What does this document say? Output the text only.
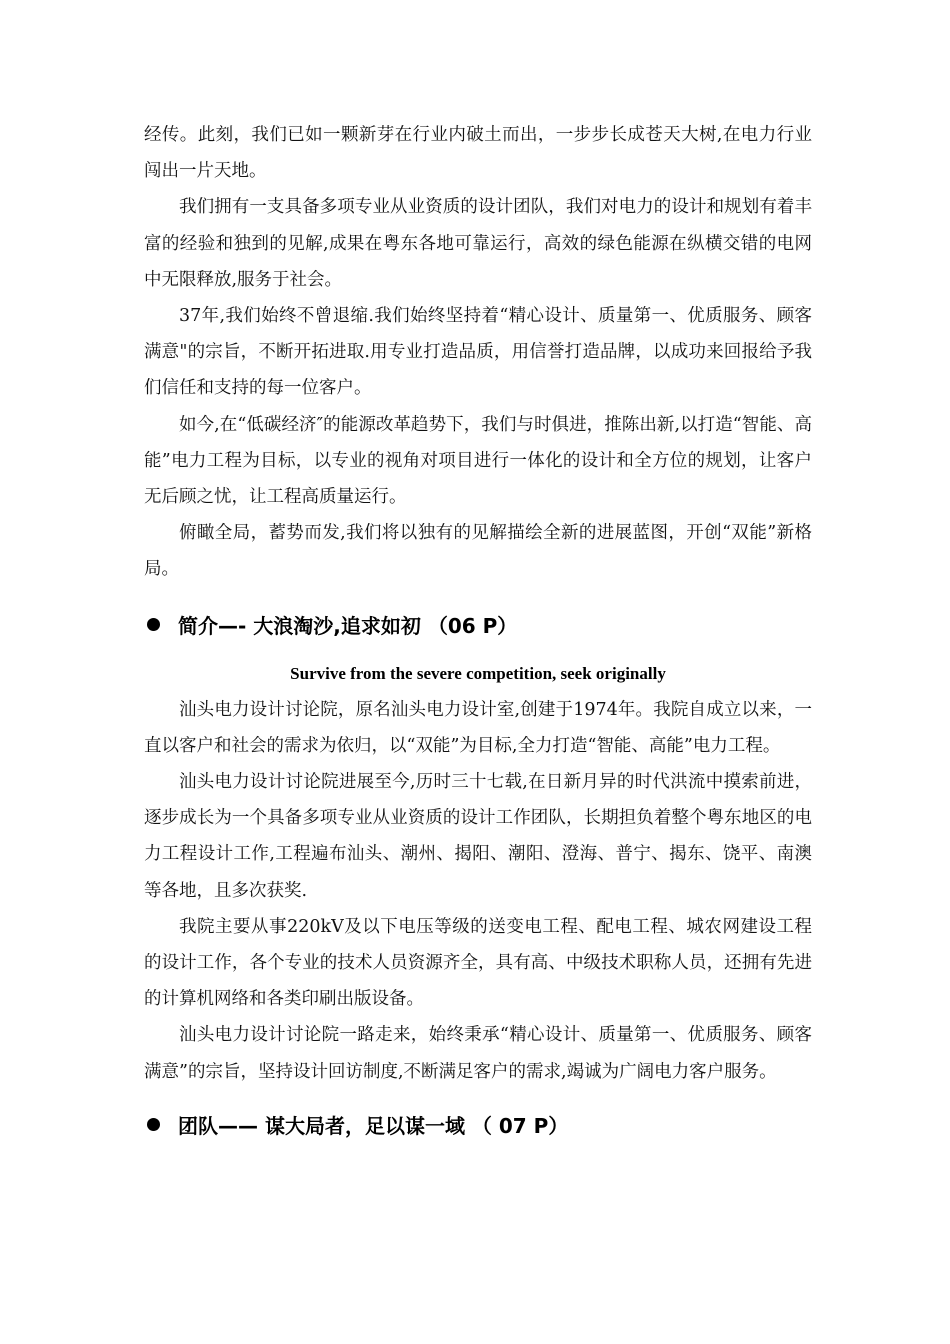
经传。此刻，我们已如一颗新芽在行业内破土而出，一步步长成苍天大树,在电力行业闯出一片天地。

我们拥有一支具备多项专业从业资质的设计团队，我们对电力的设计和规划有着丰富的经验和独到的见解,成果在粤东各地可靠运行，高效的绿色能源在纵横交错的电网中无限释放,服务于社会。

37年,我们始终不曾退缩.我们始终坚持着“精心设计、质量第一、优质服务、顾客满意"的宗旨，不断开拓进取.用专业打造品质，用信誉打造品牌，以成功来回报给予我们信任和支持的每一位客户。

如今,在“低碳经济″的能源改革趋势下，我们与时俱进，推陈出新,以打造“智能、高能”电力工程为目标，以专业的视角对项目进行一体化的设计和全方位的规划，让客户无后顾之忧，让工程高质量运行。

俯瞰全局，蓄势而发,我们将以独有的见解描绘全新的进展蓝图，开创“双能”新格局。

简介—- 大浪淘沙,追求如初 （06 P）
Survive from the severe competition, seek originally

汕头电力设计讨论院，原名汕头电力设计室,创建于1974年。我院自成立以来，一直以客户和社会的需求为依归，以“双能”为目标,全力打造“智能、高能”电力工程。

汕头电力设计讨论院进展至今,历时三十七载,在日新月异的时代洪流中摸索前进，逐步成长为一个具备多项专业从业资质的设计工作团队，长期担负着整个粤东地区的电力工程设计工作,工程遍布汕头、潮州、揭阳、潮阳、澄海、普宁、揭东、饶平、南澳等各地，且多次获奖.

我院主要从事220kV及以下电压等级的送变电工程、配电工程、城农网建设工程的设计工作，各个专业的技术人员资源齐全，具有高、中级技术职称人员，还拥有先进的计算机网络和各类印刷出版设备。

汕头电力设计讨论院一路走来，始终秉承“精心设计、质量第一、优质服务、顾客满意”的宗旨，坚持设计回访制度,不断满足客户的需求,竭诚为广阔电力客户服务。

团队—— 谋大局者，足以谋一域 （ 07 P）
